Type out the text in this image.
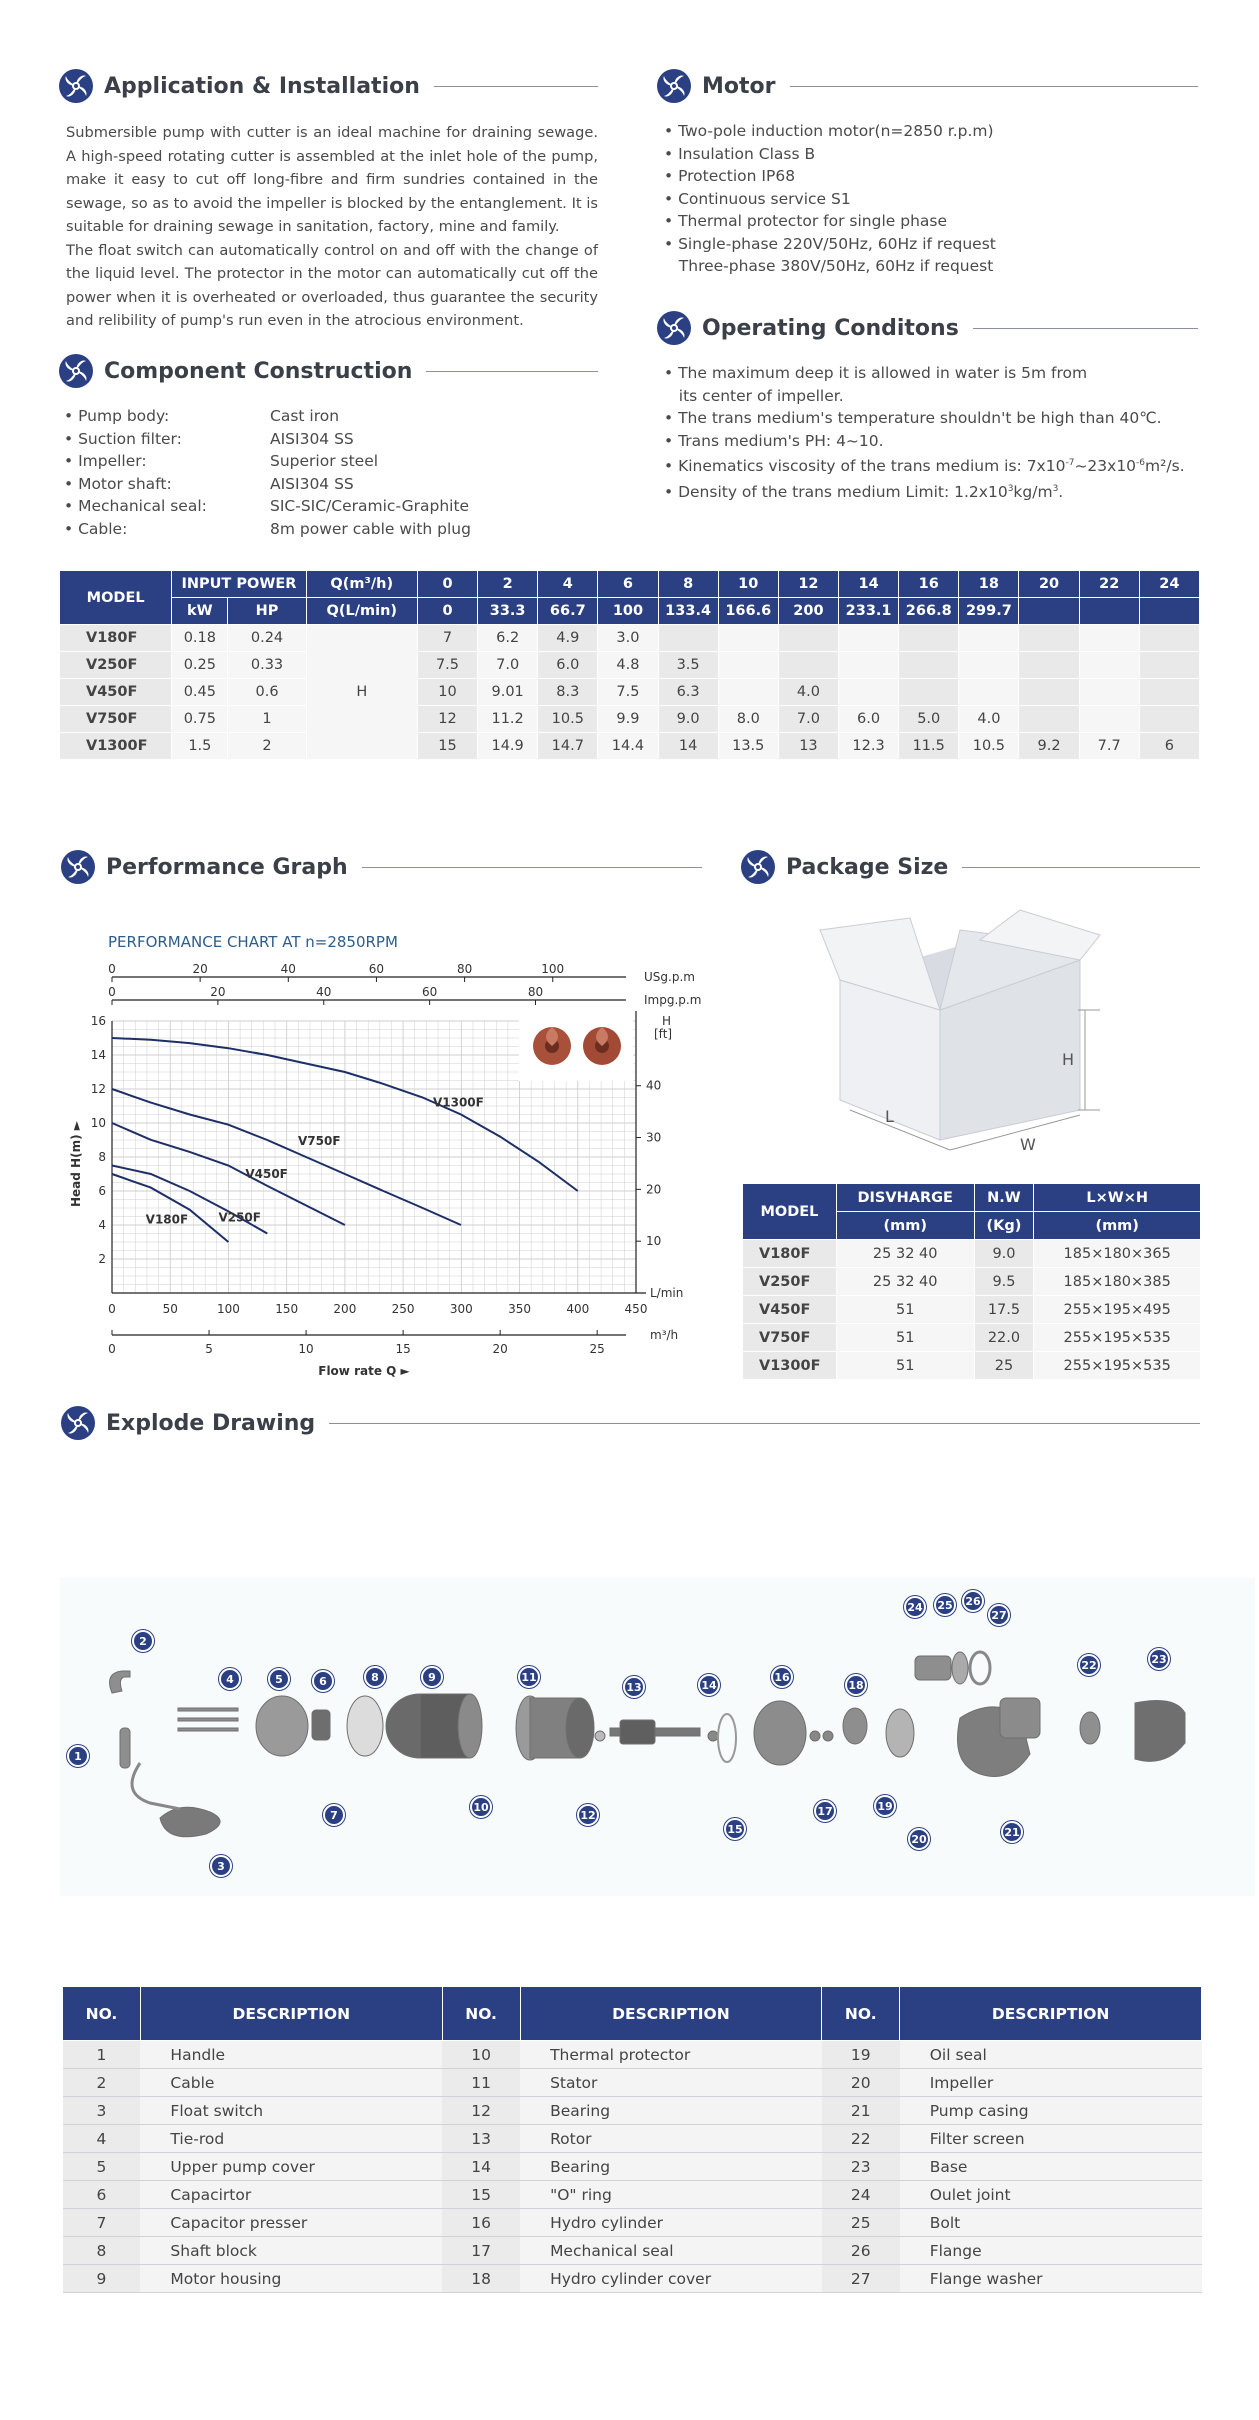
Application & Installation

Submersible pump with cutter is an ideal machine for draining sewage. A high-speed rotating cutter is assembled at the inlet hole of the pump, make it easy to cut off long-fibre and firm sundries contained in the sewage, so as to avoid the impeller is blocked by the entanglement. It is suitable for draining sewage in sanitation, factory, mine and family.

The float switch can automatically control on and off with the change of the liquid level. The protector in the motor can automatically cut off the power when it is overheated or overloaded, thus guarantee the security and relibility of pump's run even in the atrocious environment.

Motor
• Two-pole induction motor(n=2850 r.p.m)
• Insulation Class B
• Protection IP68
• Continuous service S1
• Thermal protector for single phase
• Single-phase 220V/50Hz, 60Hz if request
Three-phase 380V/50Hz, 60Hz if request
Operating Conditons
• The maximum deep it is allowed in water is 5m from
its center of impeller.
• The trans medium's temperature shouldn't be high than 40℃.
• Trans medium's PH: 4~10.
• Kinematics viscosity of the trans medium is: $7x10^{-7}\sim 23x10^{-6}m^2/s$.
• Density of the trans medium Limit: $1.2x10^3kg/m^3$.
Component Construction
• Pump body:	Cast iron
• Suction filter:	AISI304 SS
• Impeller:	Superior steel
• Motor shaft:	AISI304 SS
• Mechanical seal:	SIC-SIC/Ceramic-Graphite
• Cable:	8m power cable with plug
MODEL	INPUT POWER		Q(m³/h)	0	2	4	6	8	10	12	14	16	18	20	22	24
	kW	HP	Q(L/min)	0	33.3	66.7	100	133.4	166.6	200	233.1	266.8	299.7			
V180F	0.18	0.24	H	7	6.2	4.9	3.0									
V250F	0.25	0.33		7.5	7.0	6.0	4.8	3.5								
V450F	0.45	0.6		10	9.01	8.3	7.5	6.3		4.0						
V750F	0.75	1		12	11.2	10.5	9.9	9.0	8.0	7.0	6.0	5.0	4.0			
V1300F	1.5	2		15	14.9	14.7	14.4	14	13.5	13	12.3	11.5	10.5	9.2	7.7	6
Performance Graph
PERFORMANCE CHART AT n=2850RPM
2
4
6
8
10
12
14
16
0	50	100	150	200	250	300	350	400	450
L/min
0	5	10	15	20	25
m³/h
Flow rate Q ►
0	20	40	60	80	100
USg.p.m
0	20	40	60	80
Impg.p.m
H
[ft]
10
20
30
40
Head H(m) ►
V180F	V250F
V450F
V750F
V1300F
Package Size
H
L
W
MODEL	DISVHARGE	N.W	L×W×H
	(mm)	(Kg)	(mm)
V180F	25 32 40	9.0	185×180×365
V250F	25 32 40	9.5	185×180×385
V450F	51	17.5	255×195×495
V750F	51	22.0	255×195×535
V1300F	51	25	255×195×535
Explode Drawing
1
2
3
4	5	6
7
8	9
10
11
12
13	14
15
16
17
18
19
20
21
22	23
24	25	26
27
NO.	DESCRIPTION	NO.	DESCRIPTION	NO.	DESCRIPTION
1	Handle	10	Thermal protector	19	Oil seal
2	Cable	11	Stator	20	Impeller
3	Float switch	12	Bearing	21	Pump casing
4	Tie-rod	13	Rotor	22	Filter screen
5	Upper pump cover	14	Bearing	23	Base
6	Capacirtor	15	"O" ring	24	Oulet joint
7	Capacitor presser	16	Hydro cylinder	25	Bolt
8	Shaft block	17	Mechanical seal	26	Flange
9	Motor housing	18	Hydro cylinder cover	27	Flange washer
